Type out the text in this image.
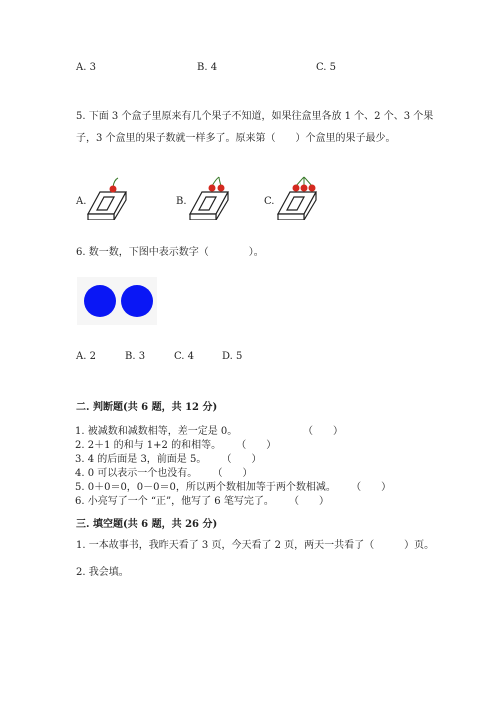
A. 3	B. 4	C. 5
5. 下面 3 个盒子里原来有几个果子不知道，如果往盒里各放 1 个、2 个、3 个果
子，3 个盒里的果子数就一样多了。原来第（　　）个盒里的果子最少。
A.	B.	C.
6. 数一数，下图中表示数字（　　　　）。
A. 2	B. 3	C. 4	D. 5
二. 判断题(共 6 题，共 12 分)
1. 被减数和减数相等，差一定是 0。	（　　）
2. 2＋1 的和与 1+2 的和相等。 （　　）
3. 4 的后面是 3，前面是 5。 （　　）
4. 0 可以表示一个也没有。 （　　）
5. 0＋0＝0，0－0＝0，所以两个数相加等于两个数相减。 （　　）
6. 小亮写了一个 “正”，他写了 6 笔写完了。 （　　）
三. 填空题(共 6 题，共 26 分)
1. 一本故事书，我昨天看了 3 页，今天看了 2 页，两天一共看了（　　　）页。
2. 我会填。
